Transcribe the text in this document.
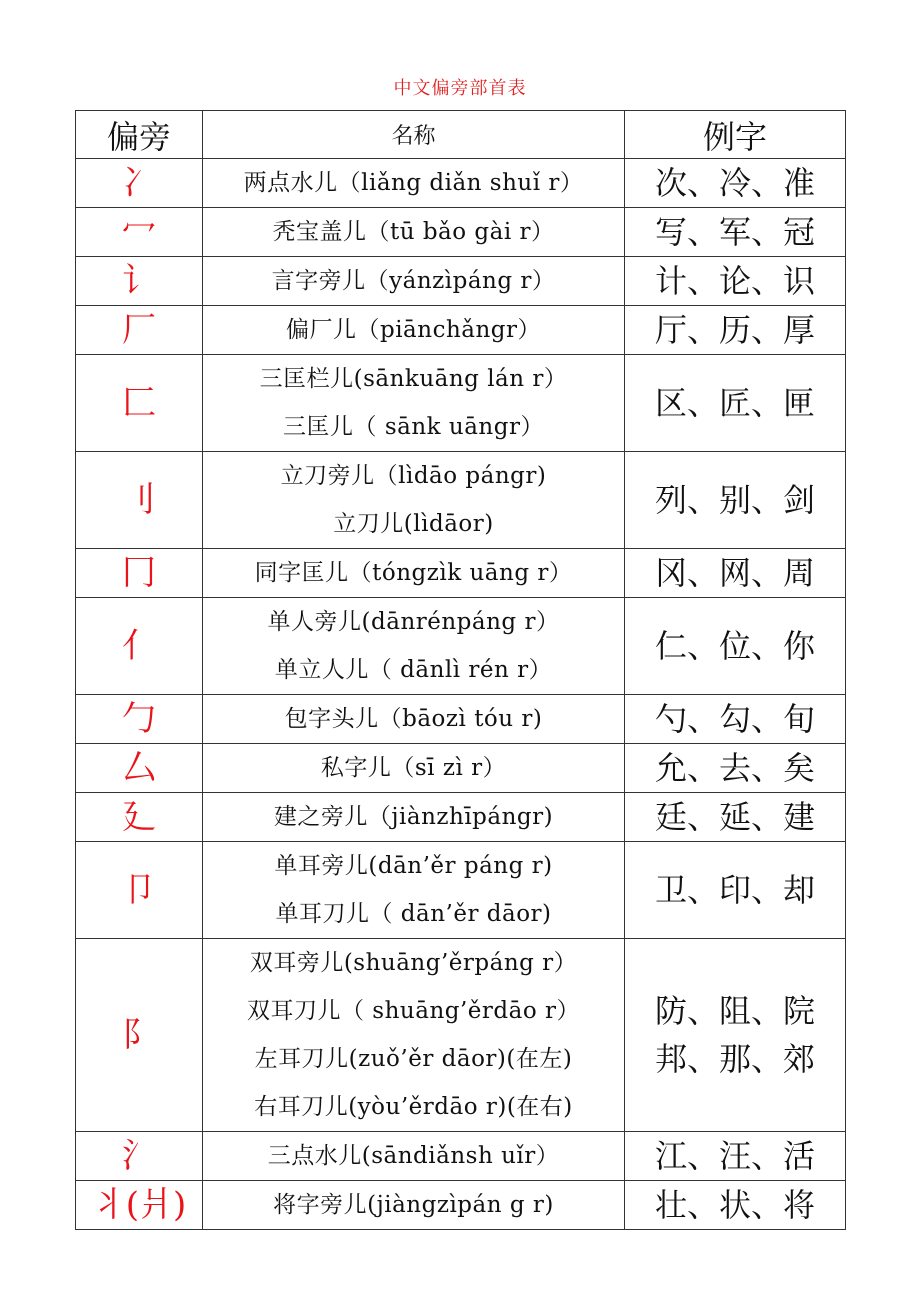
中文偏旁部首表
偏旁	名称	例字
冫	两点水儿（liǎng diǎn shuǐ r）	次、冷、准

冖	秃宝盖儿（tū bǎo gài r）	写、军、冠

讠	言字旁儿（yánzìpáng r）	计、论、识

厂	偏厂儿（piānchǎngr）	厅、历、厚

匚	三匡栏儿(sānkuāng lán r）
三匡儿（ sānk uāngr）	区、匠、匣

刂	立刀旁儿（lìdāo pángr)
立刀儿(lìdāor)	列、别、剑

冂	同字匡儿（tóngzìk uāng r）	冈、网、周

亻	单人旁儿(dānrénpáng r）
单立人儿（ dānlì rén r）	仁、位、你

勹	包字头儿（bāozì tóu r)	勺、勾、旬

厶	私字儿（sī zì r）	允、去、矣

廴	建之旁儿（jiànzhīpángr)	廷、延、建

卩	单耳旁儿(dān’ěr páng r)
单耳刀儿（ dān’ěr dāor)	卫、印、却

阝	双耳旁儿(shuāng’ěrpáng r）
双耳刀儿（ shuāng’ěrdāo r）
左耳刀儿(zuǒ’ěr dāor)(在左)
右耳刀儿(yòu’ěrdāo r)(在右)	防、阻、院
邦、那、郊

氵	三点水儿(sāndiǎnsh uǐr）	江、汪、活

丬(爿)	将字旁儿(jiàngzìpán g r)	壮、状、将
